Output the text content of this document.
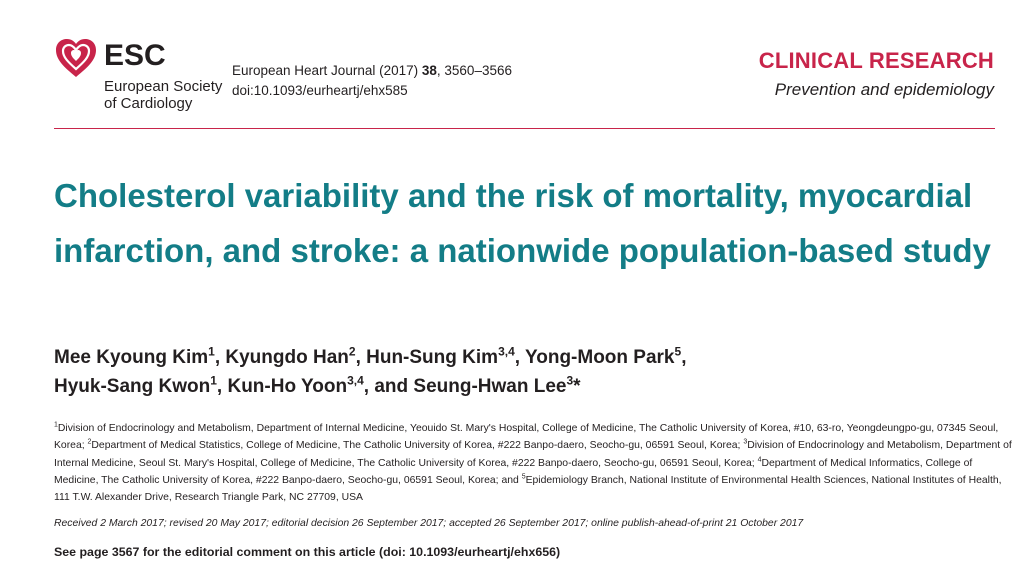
ESC
European Society
of Cardiology
European Heart Journal (2017) 38, 3560–3566
doi:10.1093/eurheartj/ehx585
CLINICAL RESEARCH
Prevention and epidemiology
Cholesterol variability and the risk of mortality, myocardial infarction, and stroke: a nationwide population-based study
Mee Kyoung Kim$^1$, Kyungdo Han$^2$, Hun-Sung Kim$^{3,4}$, Yong-Moon Park$^5$,
Hyuk-Sang Kwon$^1$, Kun-Ho Yoon$^{3,4}$, and Seung-Hwan Lee$^3$*
$^1$Division of Endocrinology and Metabolism, Department of Internal Medicine, Yeouido St. Mary's Hospital, College of Medicine, The Catholic University of Korea, #10, 63-ro, Yeongdeungpo-gu, 07345 Seoul, Korea; $^2$Department of Medical Statistics, College of Medicine, The Catholic University of Korea, #222 Banpo-daero, Seocho-gu, 06591 Seoul, Korea; $^3$Division of Endocrinology and Metabolism, Department of Internal Medicine, Seoul St. Mary's Hospital, College of Medicine, The Catholic University of Korea, #222 Banpo-daero, Seocho-gu, 06591 Seoul, Korea; $^4$Department of Medical Informatics, College of Medicine, The Catholic University of Korea, #222 Banpo-daero, Seocho-gu, 06591 Seoul, Korea; and $^5$Epidemiology Branch, National Institute of Environmental Health Sciences, National Institutes of Health, 111 T.W. Alexander Drive, Research Triangle Park, NC 27709, USA
Received 2 March 2017; revised 20 May 2017; editorial decision 26 September 2017; accepted 26 September 2017; online publish-ahead-of-print 21 October 2017
See page 3567 for the editorial comment on this article (doi: 10.1093/eurheartj/ehx656)
